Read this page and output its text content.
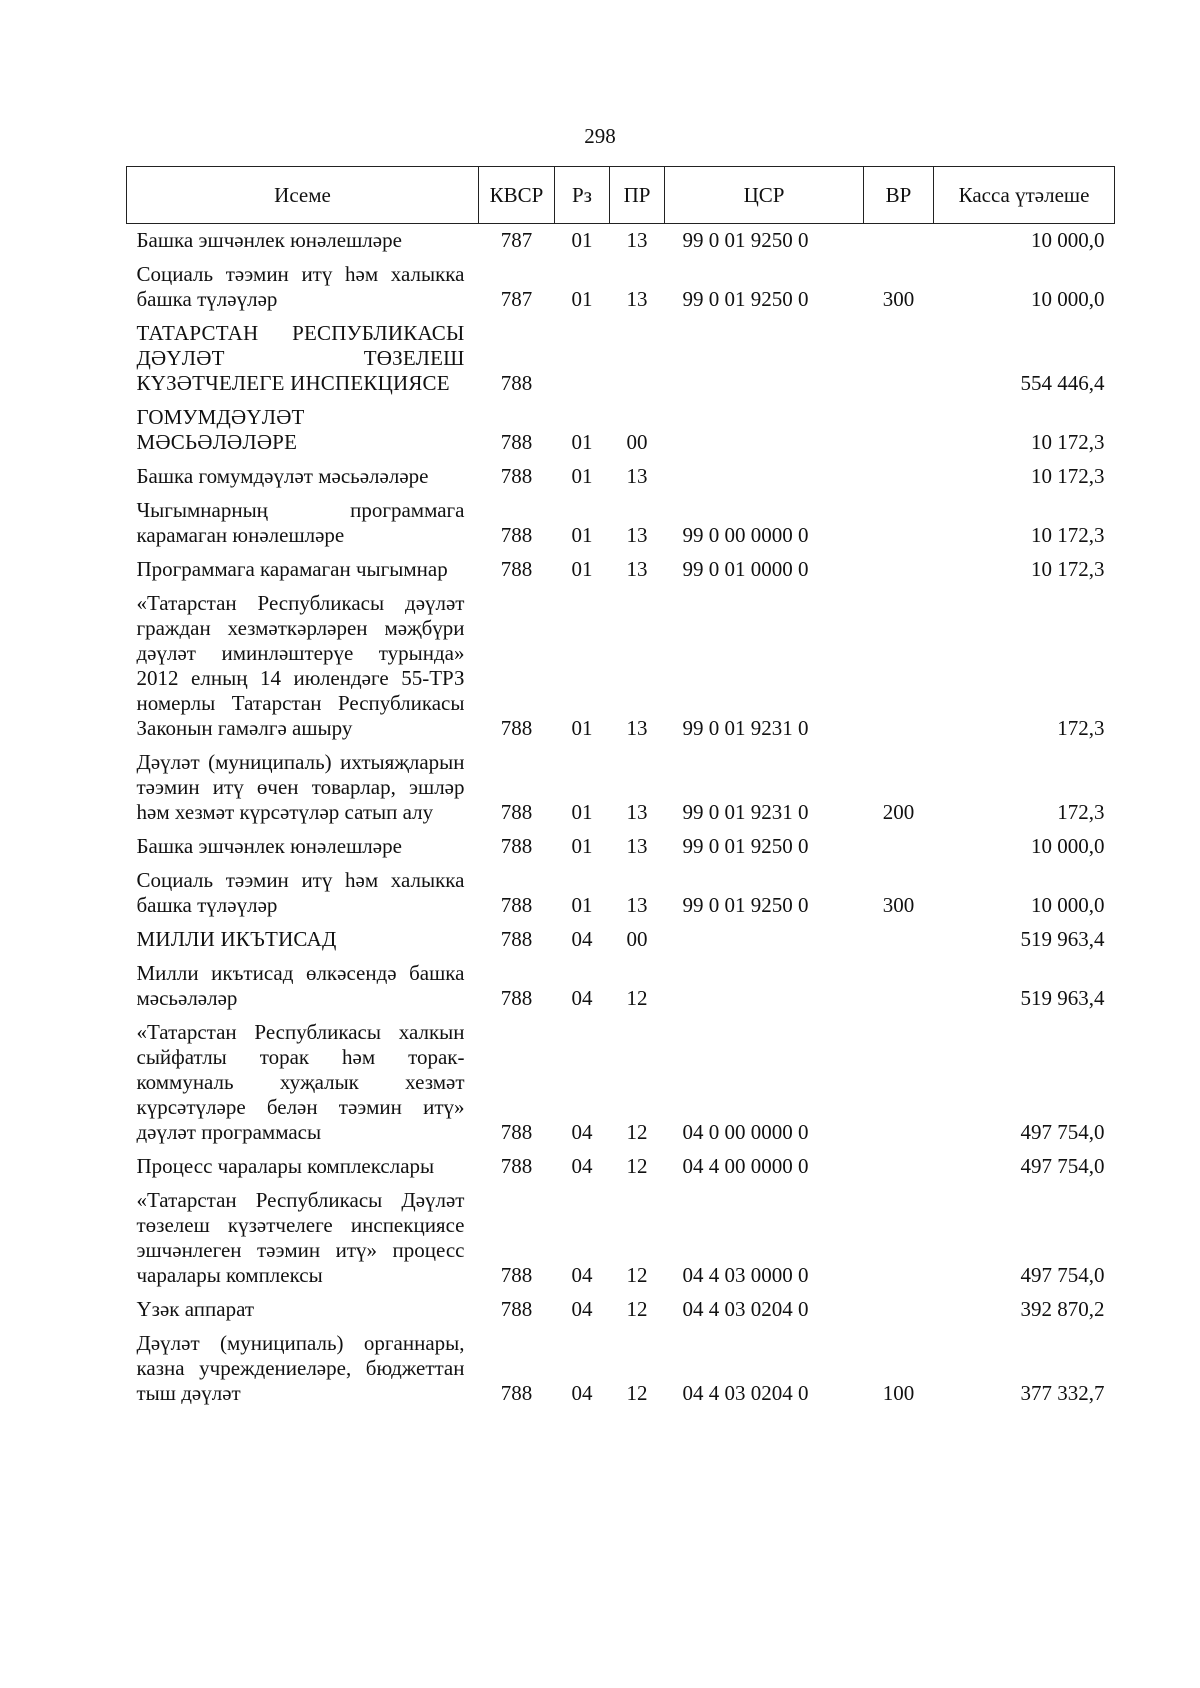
298
Исеме	КВСР	Рз	ПР	ЦСР	ВР	Касса үтәлеше
Башка эшчәнлек юнәлешләре	787	01	13	99 0 01 9250 0		10 000,0
Социаль тәэмин итү һәм халыкка башка түләүләр	787	01	13	99 0 01 9250 0	300	10 000,0
ТАТАРСТАН РЕСПУБЛИКАСЫ ДӘҮЛӘТ ТӨЗЕЛЕШ КҮЗӘТЧЕЛЕГЕ ИНСПЕКЦИЯСЕ	788					554 446,4
ГОМУМДӘҮЛӘТ МӘСЬӘЛӘЛӘРЕ	788	01	00			10 172,3
Башка гомумдәүләт мәсьәләләре	788	01	13			10 172,3
Чыгымнарның программага карамаган юнәлешләре	788	01	13	99 0 00 0000 0		10 172,3
Программага карамаган чыгымнар	788	01	13	99 0 01 0000 0		10 172,3
«Татарстан Республикасы дәүләт граждан хезмәткәрләрен мәҗбүри дәүләт иминләштерүе турында» 2012 елның 14 июлендәге 55-ТРЗ номерлы Татарстан Республикасы Законын гамәлгә ашыру	788	01	13	99 0 01 9231 0		172,3
Дәүләт (муниципаль) ихтыяҗларын тәэмин итү өчен товарлар, эшләр һәм хезмәт күрсәтүләр сатып алу	788	01	13	99 0 01 9231 0	200	172,3
Башка эшчәнлек юнәлешләре	788	01	13	99 0 01 9250 0		10 000,0
Социаль тәэмин итү һәм халыкка башка түләүләр	788	01	13	99 0 01 9250 0	300	10 000,0
МИЛЛИ ИКЪТИСАД	788	04	00			519 963,4
Милли икътисад өлкәсендә башка мәсьәләләр	788	04	12			519 963,4
«Татарстан Республикасы халкын сыйфатлы торак һәм торак-коммуналь хуҗалык хезмәт күрсәтүләре белән тәэмин итү» дәүләт программасы	788	04	12	04 0 00 0000 0		497 754,0
Процесс чаралары комплекслары	788	04	12	04 4 00 0000 0		497 754,0
«Татарстан Республикасы Дәүләт төзелеш күзәтчелеге инспекциясе эшчәнлеген тәэмин итү» процесс чаралары комплексы	788	04	12	04 4 03 0000 0		497 754,0
Үзәк аппарат	788	04	12	04 4 03 0204 0		392 870,2
Дәүләт (муниципаль) органнары, казна учреждениеләре, бюджеттан тыш дәүләт	788	04	12	04 4 03 0204 0	100	377 332,7
